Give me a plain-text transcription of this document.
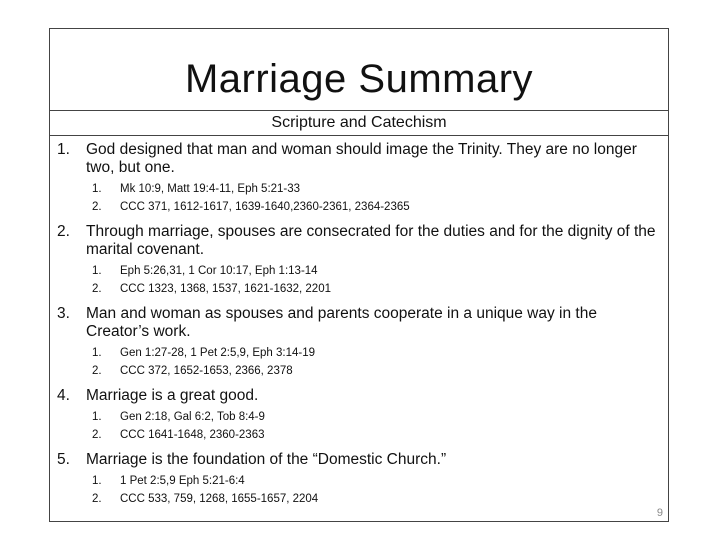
Marriage Summary
Scripture and Catechism
1.	God designed that man and woman should image the Trinity. They are no longer two, but one.
1.	Mk 10:9, Matt 19:4-11, Eph 5:21-33
2.	CCC 371, 1612-1617, 1639-1640,2360-2361, 2364-2365
2.	Through marriage, spouses are consecrated for the duties and for the dignity of the marital covenant.
1.	Eph 5:26,31, 1 Cor 10:17, Eph 1:13-14
2.	CCC 1323, 1368, 1537, 1621-1632, 2201
3.	Man and woman as spouses and parents cooperate in a unique way in the Creator’s work.
1.	Gen 1:27-28, 1 Pet 2:5,9, Eph 3:14-19
2.	CCC 372, 1652-1653, 2366, 2378
4.	Marriage is a great good.
1.	Gen 2:18, Gal 6:2, Tob 8:4-9
2.	CCC 1641-1648, 2360-2363
5.	Marriage is the foundation of the “Domestic Church.”
1.	1 Pet 2:5,9 Eph 5:21-6:4
2.	CCC 533, 759, 1268, 1655-1657, 2204
9
